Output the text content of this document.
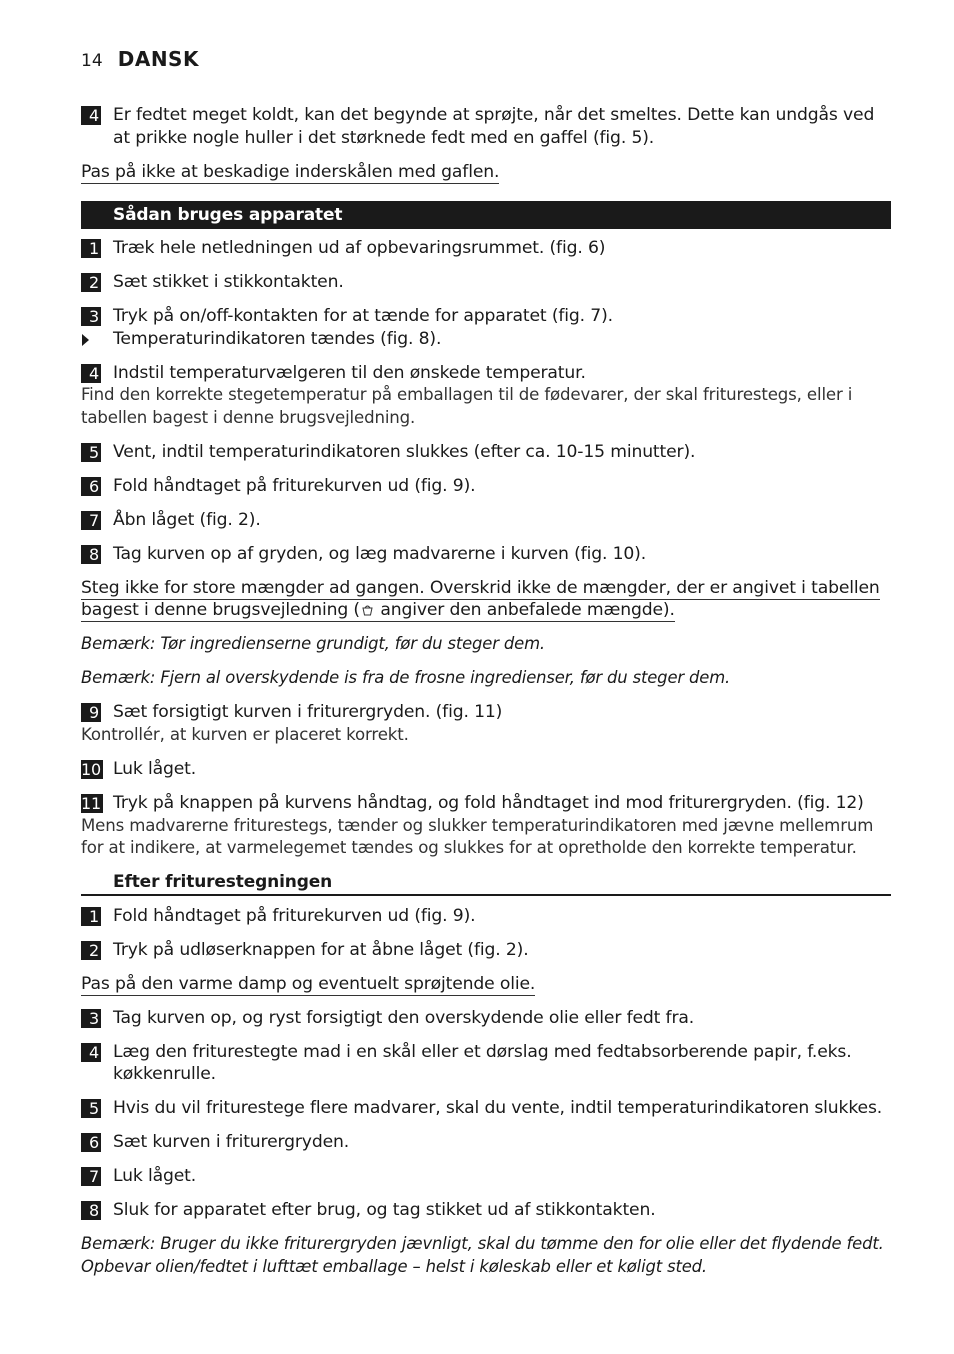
14 DANSK
4 Er fedtet meget koldt, kan det begynde at sprøjte, når det smeltes. Dette kan undgås ved at prikke nogle huller i det størknede fedt med en gaffel (fig. 5).
Pas på ikke at beskadige inderskålen med gaflen.
Sådan bruges apparatet
1 Træk hele netledningen ud af opbevaringsrummet. (fig. 6)
2 Sæt stikket i stikkontakten.
3 Tryk på on/off-kontakten for at tænde for apparatet (fig. 7).
Temperaturindikatoren tændes (fig. 8).
4 Indstil temperaturvælgeren til den ønskede temperatur.
Find den korrekte stegetemperatur på emballagen til de fødevarer, der skal friturestegs, eller i tabellen bagest i denne brugsvejledning.
5 Vent, indtil temperaturindikatoren slukkes (efter ca. 10-15 minutter).
6 Fold håndtaget på friturekurven ud (fig. 9).
7 Åbn låget (fig. 2).
8 Tag kurven op af gryden, og læg madvarerne i kurven (fig. 10).
Steg ikke for store mængder ad gangen. Overskrid ikke de mængder, der er angivet i tabellen bagest i denne brugsvejledning ( angiver den anbefalede mængde).
Bemærk: Tør ingredienserne grundigt, før du steger dem.
Bemærk: Fjern al overskydende is fra de frosne ingredienser, før du steger dem.
9 Sæt forsigtigt kurven i friturergryden. (fig. 11)
Kontrollér, at kurven er placeret korrekt.
10 Luk låget.
11 Tryk på knappen på kurvens håndtag, og fold håndtaget ind mod friturergryden. (fig. 12)
Mens madvarerne friturestegs, tænder og slukker temperaturindikatoren med jævne mellemrum for at indikere, at varmelegemet tændes og slukkes for at opretholde den korrekte temperatur.
Efter friturestegningen
1 Fold håndtaget på friturekurven ud (fig. 9).
2 Tryk på udløserknappen for at åbne låget (fig. 2).
Pas på den varme damp og eventuelt sprøjtende olie.
3 Tag kurven op, og ryst forsigtigt den overskydende olie eller fedt fra.
4 Læg den friturestegte mad i en skål eller et dørslag med fedtabsorberende papir, f.eks. køkkenrulle.
5 Hvis du vil friturestege flere madvarer, skal du vente, indtil temperaturindikatoren slukkes.
6 Sæt kurven i friturergryden.
7 Luk låget.
8 Sluk for apparatet efter brug, og tag stikket ud af stikkontakten.
Bemærk: Bruger du ikke friturergryden jævnligt, skal du tømme den for olie eller det flydende fedt. Opbevar olien/fedtet i lufttæt emballage – helst i køleskab eller et køligt sted.
